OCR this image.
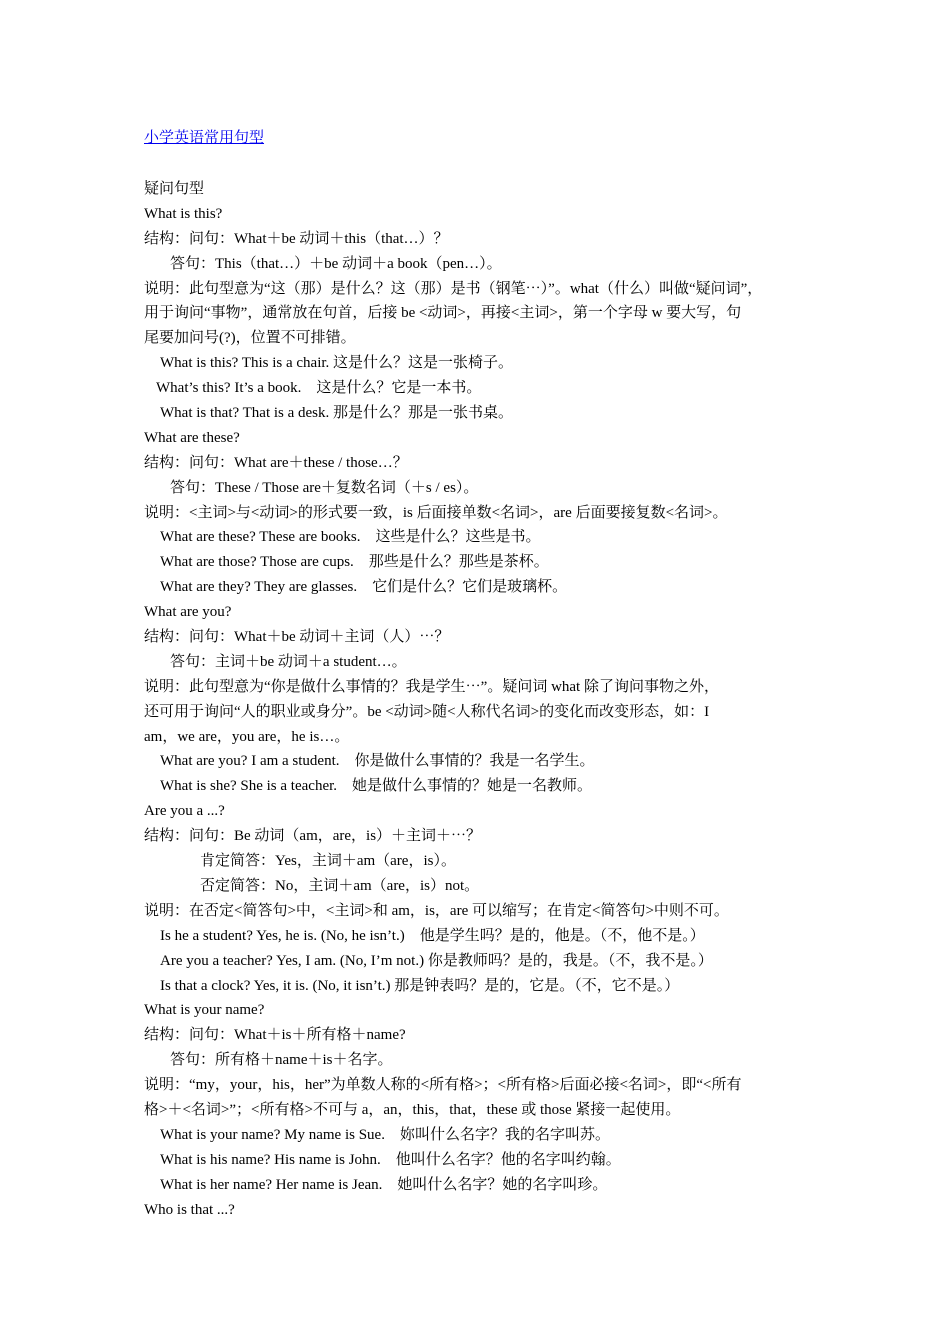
小学英语常用句型
疑问句型
What is this?
结构：问句：What＋be 动词＋this（that…）？
答句：This（that…）＋be 动词＋a book（pen…）。
说明：此句型意为“这（那）是什么？这（那）是书（钢笔⋯）”。what（什么）叫做“疑问词”，
用于询问“事物”，通常放在句首，后接 be <动词>，再接<主词>，第一个字母 w 要大写，句
尾要加问号(?)，位置不可排错。
What is this? This is a chair. 这是什么？这是一张椅子。
What’s this? It’s a book.　这是什么？它是一本书。
What is that? That is a desk. 那是什么？那是一张书桌。
What are these?
结构：问句：What are＋these / those…？
答句：These / Those are＋复数名词（＋s / es）。
说明：<主词>与<动词>的形式要一致，is 后面接单数<名词>，are 后面要接复数<名词>。
What are these? These are books.　这些是什么？这些是书。
What are those? Those are cups.　那些是什么？那些是茶杯。
What are they? They are glasses.　它们是什么？它们是玻璃杯。
What are you?
结构：问句：What＋be 动词＋主词（人）⋯？
答句：主词＋be 动词＋a student…。
说明：此句型意为“你是做什么事情的？我是学生⋯”。疑问词 what 除了询问事物之外，
还可用于询问“人的职业或身分”。be <动词>随<人称代名词>的变化而改变形态，如：I
am，we are，you are，he is…。
What are you? I am a student.　你是做什么事情的？我是一名学生。
What is she? She is a teacher.　她是做什么事情的？她是一名教师。
Are you a ...?
结构：问句：Be 动词（am，are，is）＋主词＋⋯？
肯定简答：Yes，主词＋am（are，is）。
否定简答：No，主词＋am（are，is）not。
说明：在否定<简答句>中，<主词>和 am，is，are 可以缩写；在肯定<简答句>中则不可。
Is he a student? Yes, he is. (No, he isn’t.)　他是学生吗？是的，他是。（不，他不是。）
Are you a teacher? Yes, I am. (No, I’m not.) 你是教师吗？是的，我是。（不，我不是。）
Is that a clock? Yes, it is. (No, it isn’t.) 那是钟表吗？是的，它是。（不，它不是。）
What is your name?
结构：问句：What＋is＋所有格＋name?
答句：所有格＋name＋is＋名字。
说明：“my，your，his，her”为单数人称的<所有格>；<所有格>后面必接<名词>，即“<所有
格>＋<名词>”；<所有格>不可与 a，an，this，that，these 或 those 紧接一起使用。
What is your name? My name is Sue.　妳叫什么名字？我的名字叫苏。
What is his name? His name is John.　他叫什么名字？他的名字叫约翰。
What is her name? Her name is Jean.　她叫什么名字？她的名字叫珍。
Who is that ...?
